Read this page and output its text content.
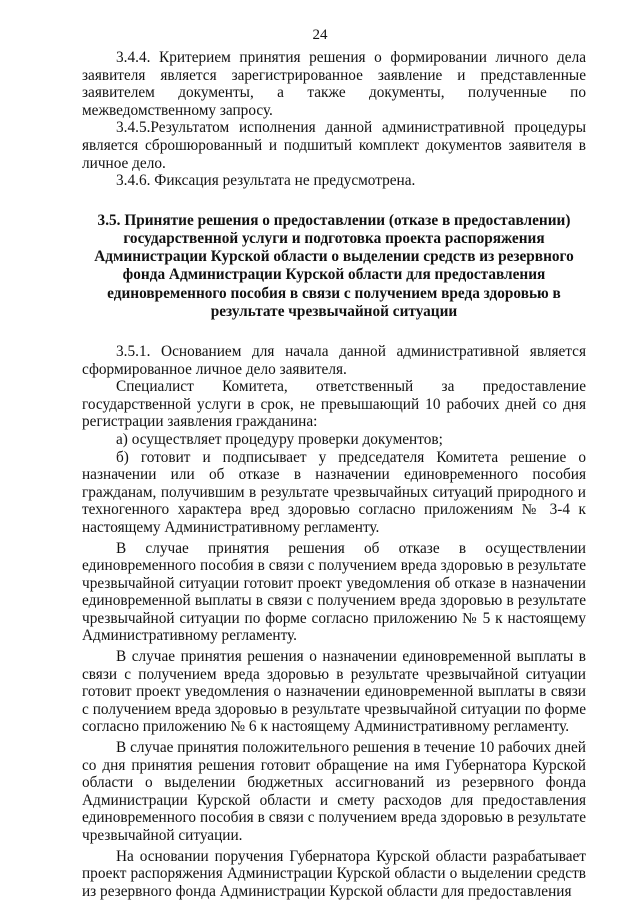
24

3.4.4. Критерием принятия решения о формировании личного дела заявителя является зарегистрированное заявление и представленные заявителем документы, а также документы, полученные по межведомственному запросу.

3.4.5.Результатом исполнения данной административной процедуры является сброшюрованный и подшитый комплект документов заявителя в личное дело.

3.4.6. Фиксация результата не предусмотрена.

3.5. Принятие решения о предоставлении (отказе в предоставлении)
государственной услуги и подготовка проекта распоряжения
Администрации Курской области о выделении средств из резервного
фонда Администрации Курской области для предоставления
единовременного пособия в связи с получением вреда здоровью в
результате чрезвычайной ситуации

3.5.1. Основанием для начала данной административной является сформированное личное дело заявителя.

Специалист Комитета, ответственный за предоставление государственной услуги в срок, не превышающий 10 рабочих дней со дня регистрации заявления гражданина:

а) осуществляет процедуру проверки документов;

б) готовит и подписывает у председателя Комитета решение о назначении или об отказе в назначении единовременного пособия гражданам, получившим в результате чрезвычайных ситуаций природного и техногенного характера вред здоровью согласно приложениям № 3-4 к настоящему Административному регламенту.

В случае принятия решения об отказе в осуществлении единовременного пособия в связи с получением вреда здоровью в результате чрезвычайной ситуации готовит проект уведомления об отказе в назначении единовременной выплаты в связи с получением вреда здоровью в результате чрезвычайной ситуации по форме согласно приложению № 5 к настоящему Административному регламенту.

В случае принятия решения о назначении единовременной выплаты в связи с получением вреда здоровью в результате чрезвычайной ситуации готовит проект уведомления о назначении единовременной выплаты в связи с получением вреда здоровью в результате чрезвычайной ситуации по форме согласно приложению № 6 к настоящему Административному регламенту.

В случае принятия положительного решения в течение 10 рабочих дней со дня принятия решения готовит обращение на имя Губернатора Курской области о выделении бюджетных ассигнований из резервного фонда Администрации Курской области и смету расходов для предоставления единовременного пособия в связи с получением вреда здоровью в результате чрезвычайной ситуации.

На основании поручения Губернатора Курской области разрабатывает проект распоряжения Администрации Курской области о выделении средств из резервного фонда Администрации Курской области для предоставления
